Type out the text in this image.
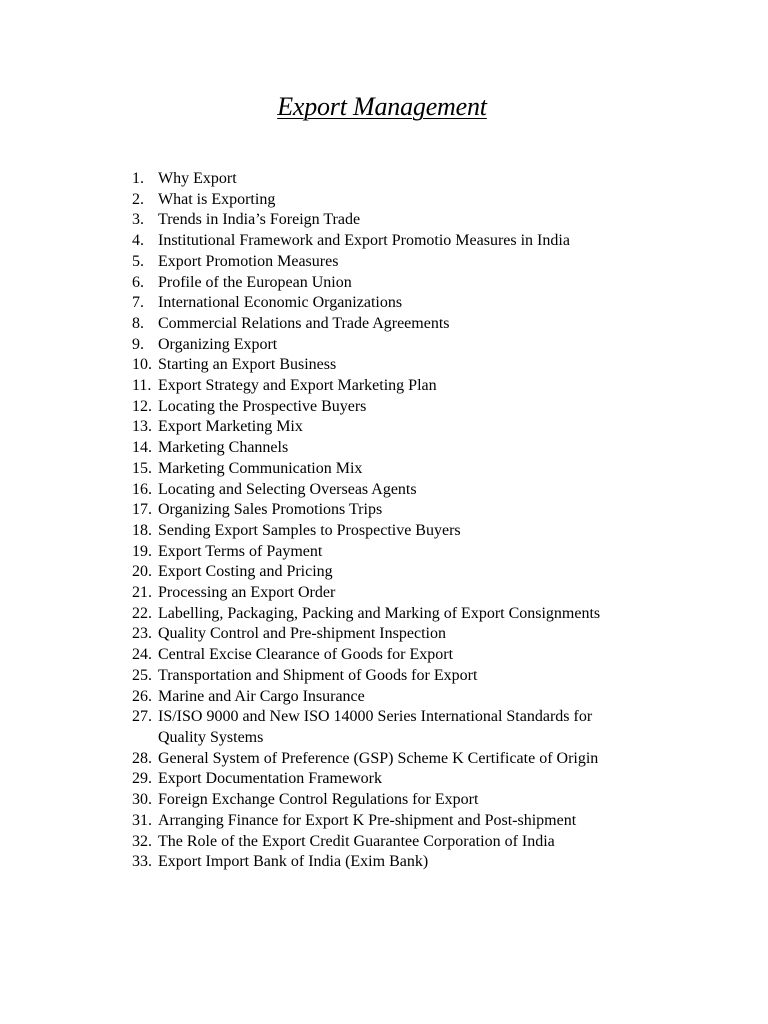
Export Management
1. Why Export
2. What is Exporting
3. Trends in India’s Foreign Trade
4. Institutional Framework and Export Promotio Measures in India
5. Export Promotion Measures
6. Profile of the European Union
7. International Economic Organizations
8. Commercial Relations and Trade Agreements
9. Organizing Export
10. Starting an Export Business
11. Export Strategy and Export Marketing Plan
12. Locating the Prospective Buyers
13. Export Marketing Mix
14. Marketing Channels
15. Marketing Communication Mix
16. Locating and Selecting Overseas Agents
17. Organizing Sales Promotions Trips
18. Sending Export Samples to Prospective Buyers
19. Export Terms of Payment
20. Export Costing and Pricing
21. Processing an Export Order
22. Labelling, Packaging, Packing and Marking of Export Consignments
23. Quality Control and Pre-shipment Inspection
24. Central Excise Clearance of Goods for Export
25. Transportation and Shipment of Goods for Export
26. Marine and Air Cargo Insurance
27. IS/ISO 9000 and New ISO 14000 Series International Standards for
Quality Systems
28. General System of Preference (GSP) Scheme K Certificate of Origin
29. Export Documentation Framework
30. Foreign Exchange Control Regulations for Export
31. Arranging Finance for Export K Pre-shipment and Post-shipment
32. The Role of the Export Credit Guarantee Corporation of India
33. Export Import Bank of India (Exim Bank)
